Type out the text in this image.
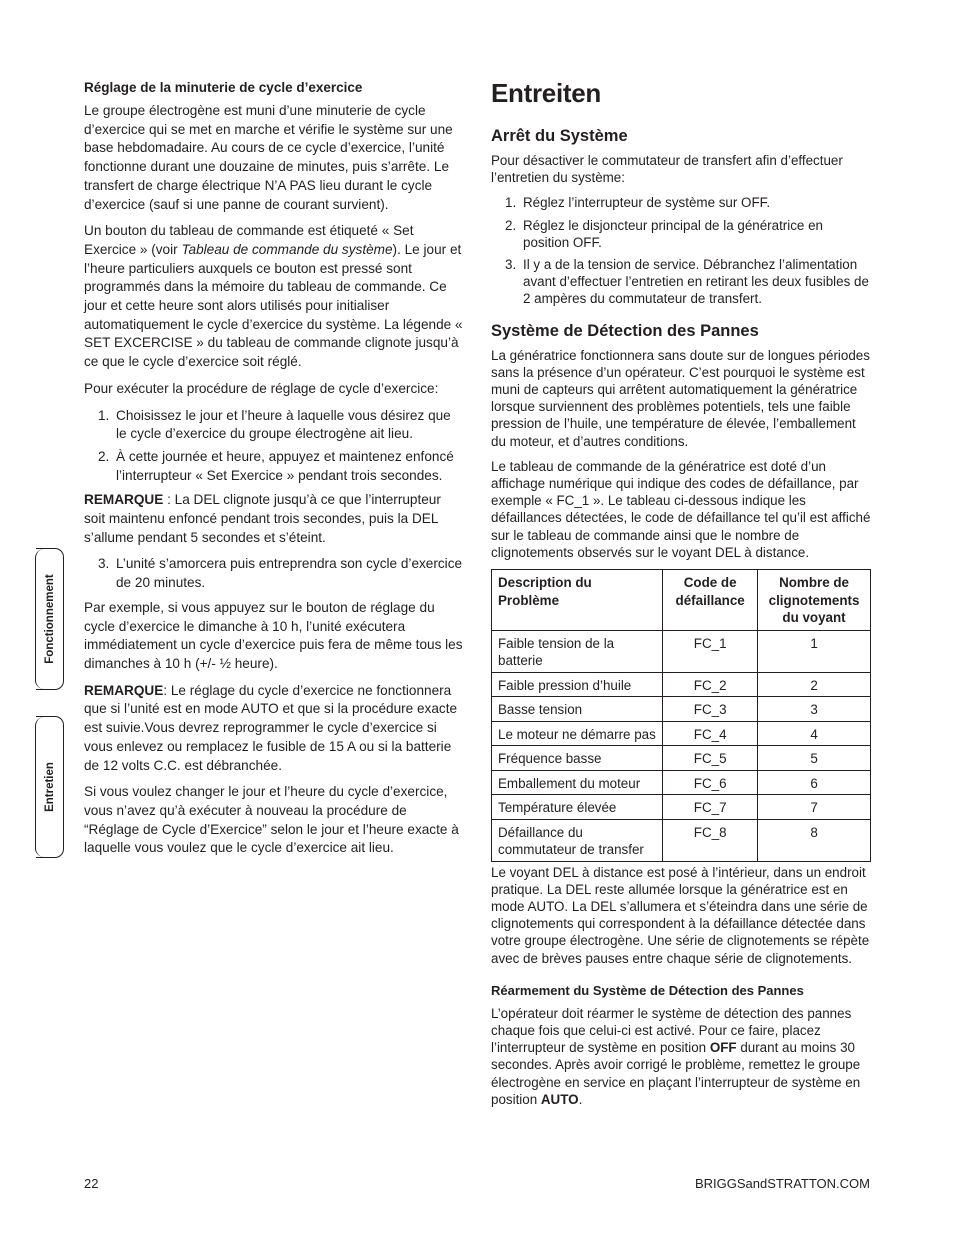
Fonctionnement
Entretien
Réglage de la minuterie de cycle d’exercice

Le groupe électrogène est muni d’une minuterie de cycle d’exercice qui se met en marche et vérifie le système sur une base hebdomadaire. Au cours de ce cycle d’exercice, l’unité fonctionne durant une douzaine de minutes, puis s’arrête. Le transfert de charge électrique N’A PAS lieu durant le cycle d’exercice (sauf si une panne de courant survient).

Un bouton du tableau de commande est étiqueté « Set Exercice » (voir Tableau de commande du système). Le jour et l’heure particuliers auxquels ce bouton est pressé sont programmés dans la mémoire du tableau de commande. Ce jour et cette heure sont alors utilisés pour initialiser automatiquement le cycle d’exercice du système. La légende « SET EXCERCISE » du tableau de commande clignote jusqu’à ce que le cycle d’exercice soit réglé.

Pour exécuter la procédure de réglage de cycle d’exercice:

1. Choisissez le jour et l’heure à laquelle vous désirez que le cycle d’exercice du groupe électrogène ait lieu.
2. À cette journée et heure, appuyez et maintenez enfoncé l’interrupteur « Set Exercice » pendant trois secondes.

REMARQUE : La DEL clignote jusqu’à ce que l’interrupteur soit maintenu enfoncé pendant trois secondes, puis la DEL s’allume pendant 5 secondes et s’éteint.

3. L’unité s’amorcera puis entreprendra son cycle d’exercice de 20 minutes.

Par exemple, si vous appuyez sur le bouton de réglage du cycle d’exercice le dimanche à 10 h, l’unité exécutera immédiatement un cycle d’exercice puis fera de même tous les dimanches à 10 h (+/- ½ heure).

REMARQUE: Le réglage du cycle d’exercice ne fonctionnera que si l’unité est en mode AUTO et que si la procédure exacte est suivie.Vous devrez reprogrammer le cycle d’exercice si vous enlevez ou remplacez le fusible de 15 A ou si la batterie de 12 volts C.C. est débranchée.

Si vous voulez changer le jour et l’heure du cycle d’exercice, vous n’avez qu’à exécuter à nouveau la procédure de “Réglage de Cycle d’Exercice” selon le jour et l’heure exacte à laquelle vous voulez que le cycle d’exercice ait lieu.

Entreiten
Arrêt du Système

Pour désactiver le commutateur de transfert afin d’effectuer l’entretien du système:

1. Réglez l’interrupteur de système sur OFF.
2. Réglez le disjoncteur principal de la génératrice en position OFF.
3. Il y a de la tension de service. Débranchez l’alimentation avant d’effectuer l’entretien en retirant les deux fusibles de 2 ampères du commutateur de transfert.
Système de Détection des Pannes

La génératrice fonctionnera sans doute sur de longues périodes sans la présence d’un opérateur. C’est pourquoi le système est muni de capteurs qui arrêtent automatiquement la génératrice lorsque surviennent des problèmes potentiels, tels une faible pression de l’huile, une température de élevée, l’emballement du moteur, et d’autres conditions.

Le tableau de commande de la génératrice est doté d’un affichage numérique qui indique des codes de défaillance, par exemple « FC_1 ». Le tableau ci-dessous indique les défaillances détectées, le code de défaillance tel qu’il est affiché sur le tableau de commande ainsi que le nombre de clignotements observés sur le voyant DEL à distance.

Description du Problème	Code de défaillance	Nombre de clignotements du voyant
Faible tension de la batterie	FC_1	1
Faible pression d’huile	FC_2	2
Basse tension	FC_3	3
Le moteur ne démarre pas	FC_4	4
Fréquence basse	FC_5	5
Emballement du moteur	FC_6	6
Température élevée	FC_7	7
Défaillance du commutateur de transfer	FC_8	8

Le voyant DEL à distance est posé à l’intérieur, dans un endroit pratique. La DEL reste allumée lorsque la génératrice est en mode AUTO. La DEL s’allumera et s’éteindra dans une série de clignotements qui correspondent à la défaillance détectée dans votre groupe électrogène. Une série de clignotements se répète avec de brèves pauses entre chaque série de clignotements.

Réarmement du Système de Détection des Pannes

L’opérateur doit réarmer le système de détection des pannes chaque fois que celui-ci est activé. Pour ce faire, placez l’interrupteur de système en position OFF durant au moins 30 secondes. Après avoir corrigé le problème, remettez le groupe électrogène en service en plaçant l’interrupteur de système en position AUTO.

22	BRIGGSandSTRATTON.COM
